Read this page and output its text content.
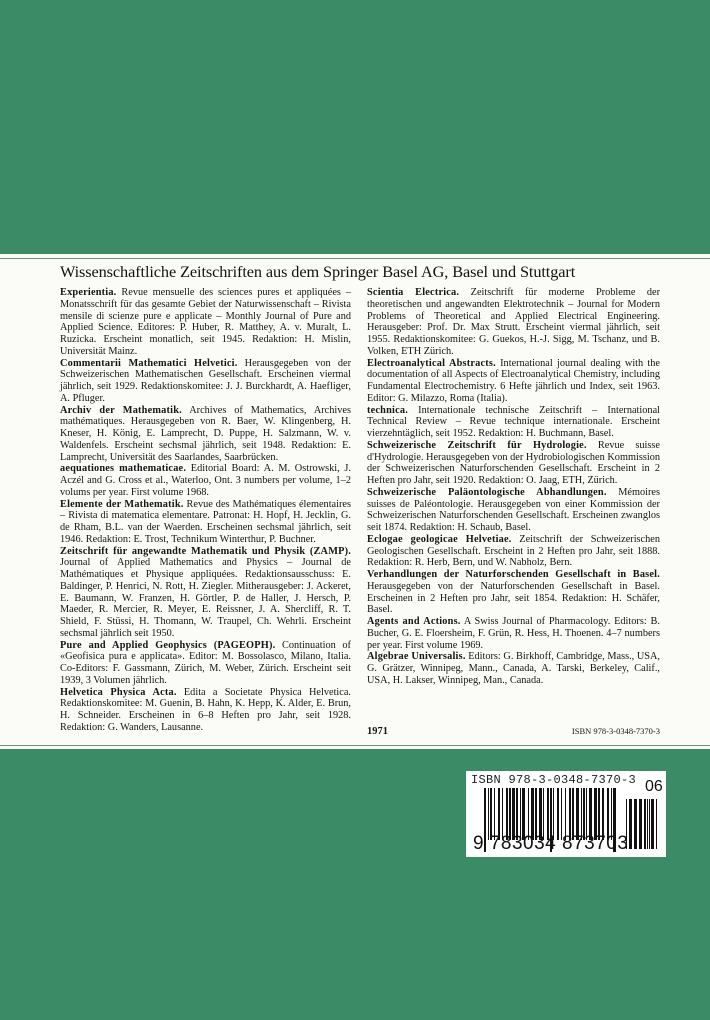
Wissenschaftliche Zeitschriften aus dem Springer Basel AG, Basel und Stuttgart

Experientia. Revue mensuelle des sciences pures et appliquées – Monatsschrift für das gesamte Gebiet der Naturwissenschaft – Rivista mensile di scienze pure e applicate – Monthly Journal of Pure and Applied Science. Editores: P. Huber, R. Matthey, A. v. Muralt, L. Ruzicka. Erscheint monatlich, seit 1945. Redaktion: H. Mislin, Universität Mainz.

Commentarii Mathematici Helvetici. Herausgegeben von der Schweizerischen Mathematischen Gesellschaft. Erscheinen viermal jährlich, seit 1929. Redaktionskomitee: J. J. Burckhardt, A. Haefliger, A. Pfluger.

Archiv der Mathematik. Archives of Mathematics, Archives mathématiques. Herausgegeben von R. Baer, W. Klingenberg, H. Kneser, H. König, E. Lamprecht, D. Puppe, H. Salzmann, W. v. Waldenfels. Erscheint sechsmal jährlich, seit 1948. Redaktion: E. Lamprecht, Universität des Saarlandes, Saarbrücken.

aequationes mathematicae. Editorial Board: A. M. Ostrowski, J. Aczél and G. Cross et al., Waterloo, Ont. 3 numbers per volume, 1–2 volums per year. First volume 1968.

Elemente der Mathematik. Revue des Mathématiques élementaires – Rivista di matematica elementare. Patronat: H. Hopf, H. Jecklin, G. de Rham, B.L. van der Waerden. Erscheinen sechsmal jährlich, seit 1946. Redaktion: E. Trost, Technikum Winterthur, P. Buchner.

Zeitschrift für angewandte Mathematik und Physik (ZAMP). Journal of Applied Mathematics and Physics – Journal de Mathématiques et Physique appliquées. Redaktionsausschuss: E. Baldinger, P. Henrici, N. Rott, H. Ziegler. Mitherausgeber: J. Ackeret, E. Baumann, W. Franzen, H. Görtler, P. de Haller, J. Hersch, P. Maeder, R. Mercier, R. Meyer, E. Reissner, J. A. Shercliff, R. T. Shield, F. Stüssi, H. Thomann, W. Traupel, Ch. Wehrli. Erscheint sechsmal jährlich seit 1950.

Pure and Applied Geophysics (PAGEOPH). Continuation of «Geofisica pura e applicata». Editor: M. Bossolasco, Milano, Italia. Co-Editors: F. Gassmann, Zürich, M. Weber, Zürich. Erscheint seit 1939, 3 Volumen jährlich.

Helvetica Physica Acta. Edita a Societate Physica Helvetica. Redaktionskomitee: M. Guenin, B. Hahn, K. Hepp, K. Alder, E. Brun, H. Schneider. Erscheinen in 6–8 Heften pro Jahr, seit 1928. Redaktion: G. Wanders, Lausanne.

Scientia Electrica. Zeitschrift für moderne Probleme der theoretischen und angewandten Elektrotechnik – Journal for Modern Problems of Theoretical and Applied Electrical Engineering. Herausgeber: Prof. Dr. Max Strutt. Erscheint viermal jährlich, seit 1955. Redaktionskomitee: G. Guekos, H.-J. Sigg, M. Tschanz, und B. Volken, ETH Zürich.

Electroanalytical Abstracts. International journal dealing with the documentation of all Aspects of Electroanalytical Chemistry, including Fundamental Electrochemistry. 6 Hefte jährlich und Index, seit 1963. Editor: G. Milazzo, Roma (Italia).

technica. Internationale technische Zeitschrift – International Technical Review – Revue technique internationale. Erscheint vierzehntäglich, seit 1952. Redaktion: H. Buchmann, Basel.

Schweizerische Zeitschrift für Hydrologie. Revue suisse d'Hydrologie. Herausgegeben von der Hydrobiologischen Kommission der Schweizerischen Naturforschenden Gesellschaft. Erscheint in 2 Heften pro Jahr, seit 1920. Redaktion: O. Jaag, ETH, Zürich.

Schweizerische Paläontologische Abhandlungen. Mémoires suisses de Paléontologie. Herausgegeben von einer Kommission der Schweizerischen Naturforschenden Gesellschaft. Erscheinen zwanglos seit 1874. Redaktion: H. Schaub, Basel.

Eclogae geologicae Helvetiae. Zeitschrift der Schweizerischen Geologischen Gesellschaft. Erscheint in 2 Heften pro Jahr, seit 1888. Redaktion: R. Herb, Bern, und W. Nabholz, Bern.

Verhandlungen der Naturforschenden Gesellschaft in Basel. Herausgegeben von der Naturforschenden Gesellschaft in Basel. Erscheinen in 2 Heften pro Jahr, seit 1854. Redaktion: H. Schäfer, Basel.

Agents and Actions. A Swiss Journal of Pharmacology. Editors: B. Bucher, G. E. Floersheim, F. Grün, R. Hess, H. Thoenen. 4–7 numbers per year. First volume 1969.

Algebrae Universalis. Editors: G. Birkhoff, Cambridge, Mass., USA, G. Grätzer, Winnipeg, Mann., Canada, A. Tarski, Berkeley, Calif., USA, H. Lakser, Winnipeg, Man., Canada.

1971	ISBN 978-3-0348-7370-3
ISBN 978-3-0348-7370-3 06
9 783034 873703
